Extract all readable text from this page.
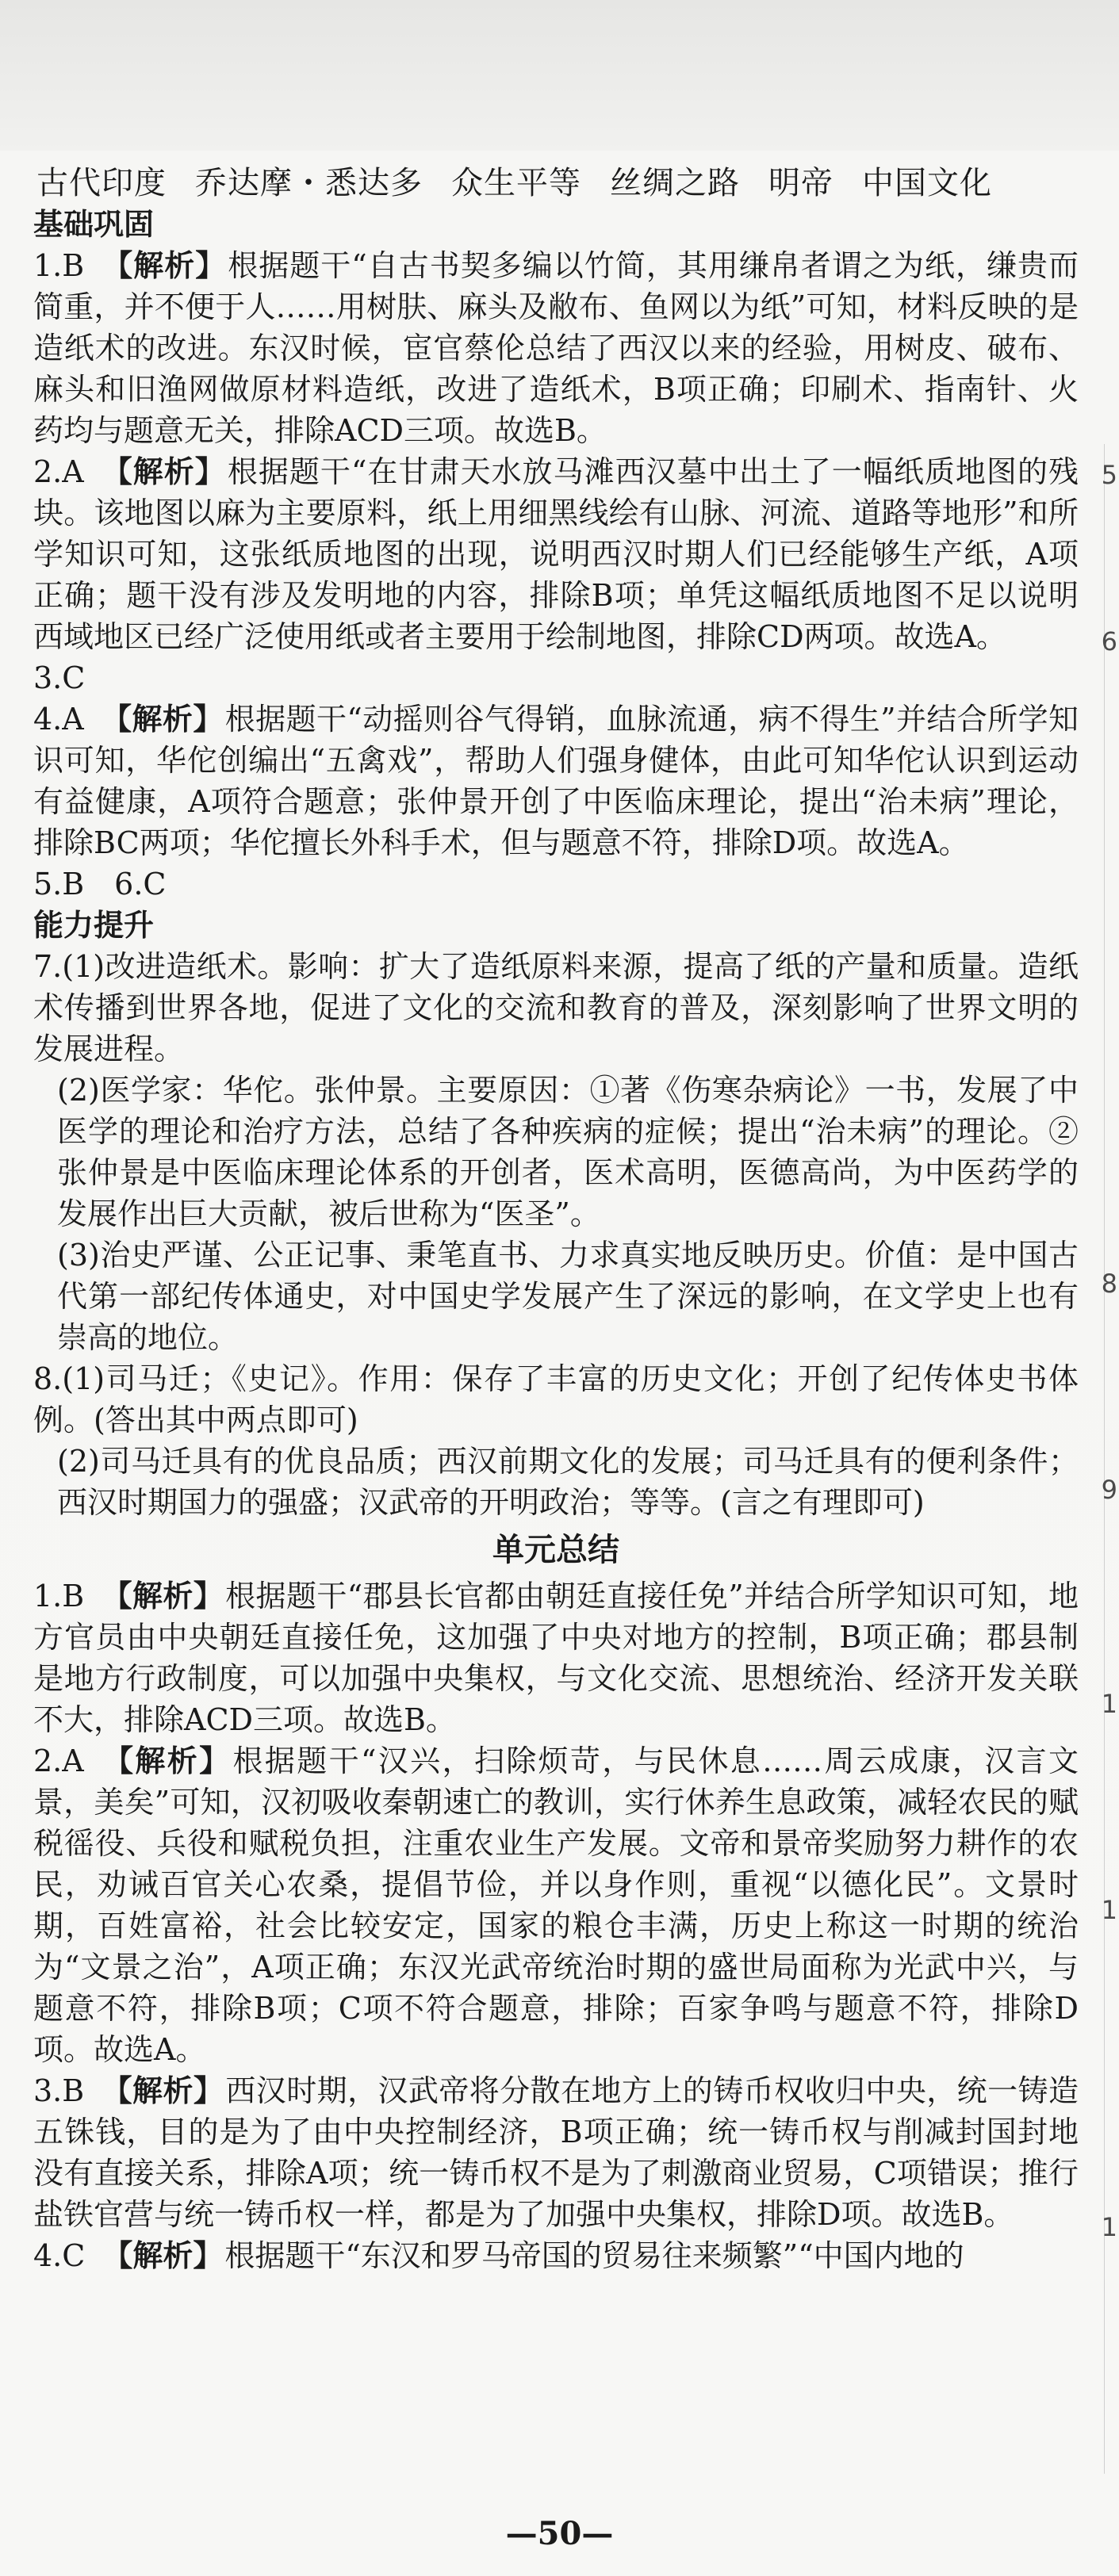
古代印度 乔达摩・悉达多 众生平等 丝绸之路 明帝 中国文化
基础巩固

1.B 【解析】根据题干“自古书契多编以竹简，其用缣帛者谓之为纸，缣贵而简重，并不便于人……用树肤、麻头及敝布、鱼网以为纸”可知，材料反映的是造纸术的改进。东汉时候，宦官蔡伦总结了西汉以来的经验，用树皮、破布、麻头和旧渔网做原材料造纸，改进了造纸术，B项正确；印刷术、指南针、火药均与题意无关，排除ACD三项。故选B。

2.A 【解析】根据题干“在甘肃天水放马滩西汉墓中出土了一幅纸质地图的残块。该地图以麻为主要原料，纸上用细黑线绘有山脉、河流、道路等地形”和所学知识可知，这张纸质地图的出现，说明西汉时期人们已经能够生产纸，A项正确；题干没有涉及发明地的内容，排除B项；单凭这幅纸质地图不足以说明西域地区已经广泛使用纸或者主要用于绘制地图，排除CD两项。故选A。

3.C

4.A 【解析】根据题干“动摇则谷气得销，血脉流通，病不得生”并结合所学知识可知，华佗创编出“五禽戏”，帮助人们强身健体，由此可知华佗认识到运动有益健康，A项符合题意；张仲景开创了中医临床理论，提出“治未病”理论，排除BC两项；华佗擅长外科手术，但与题意不符，排除D项。故选A。

5.B　6.C

能力提升

7.(1)改进造纸术。影响：扩大了造纸原料来源，提高了纸的产量和质量。造纸术传播到世界各地，促进了文化的交流和教育的普及，深刻影响了世界文明的发展进程。

(2)医学家：华佗。张仲景。主要原因：①著《伤寒杂病论》一书，发展了中医学的理论和治疗方法，总结了各种疾病的症候；提出“治未病”的理论。②张仲景是中医临床理论体系的开创者，医术高明，医德高尚，为中医药学的发展作出巨大贡献，被后世称为“医圣”。

(3)治史严谨、公正记事、秉笔直书、力求真实地反映历史。价值：是中国古代第一部纪传体通史，对中国史学发展产生了深远的影响，在文学史上也有崇高的地位。

8.(1)司马迁；《史记》。作用：保存了丰富的历史文化；开创了纪传体史书体例。(答出其中两点即可)

(2)司马迁具有的优良品质；西汉前期文化的发展；司马迁具有的便利条件；西汉时期国力的强盛；汉武帝的开明政治；等等。(言之有理即可)

单元总结

1.B 【解析】根据题干“郡县长官都由朝廷直接任免”并结合所学知识可知，地方官员由中央朝廷直接任免，这加强了中央对地方的控制，B项正确；郡县制是地方行政制度，可以加强中央集权，与文化交流、思想统治、经济开发关联不大，排除ACD三项。故选B。

2.A 【解析】根据题干“汉兴，扫除烦苛，与民休息……周云成康，汉言文景，美矣”可知，汉初吸收秦朝速亡的教训，实行休养生息政策，减轻农民的赋税徭役、兵役和赋税负担，注重农业生产发展。文帝和景帝奖励努力耕作的农民，劝诫百官关心农桑，提倡节俭，并以身作则，重视“以德化民”。文景时期，百姓富裕，社会比较安定，国家的粮仓丰满，历史上称这一时期的统治为“文景之治”，A项正确；东汉光武帝统治时期的盛世局面称为光武中兴，与题意不符，排除B项；C项不符合题意，排除；百家争鸣与题意不符，排除D项。故选A。

3.B 【解析】西汉时期，汉武帝将分散在地方上的铸币权收归中央，统一铸造五铢钱，目的是为了由中央控制经济，B项正确；统一铸币权与削减封国封地没有直接关系，排除A项；统一铸币权不是为了刺激商业贸易，C项错误；推行盐铁官营与统一铸币权一样，都是为了加强中央集权，排除D项。故选B。

4.C 【解析】根据题干“东汉和罗马帝国的贸易往来频繁”“中国内地的

5
6
8
9
1
1
1
—50—
